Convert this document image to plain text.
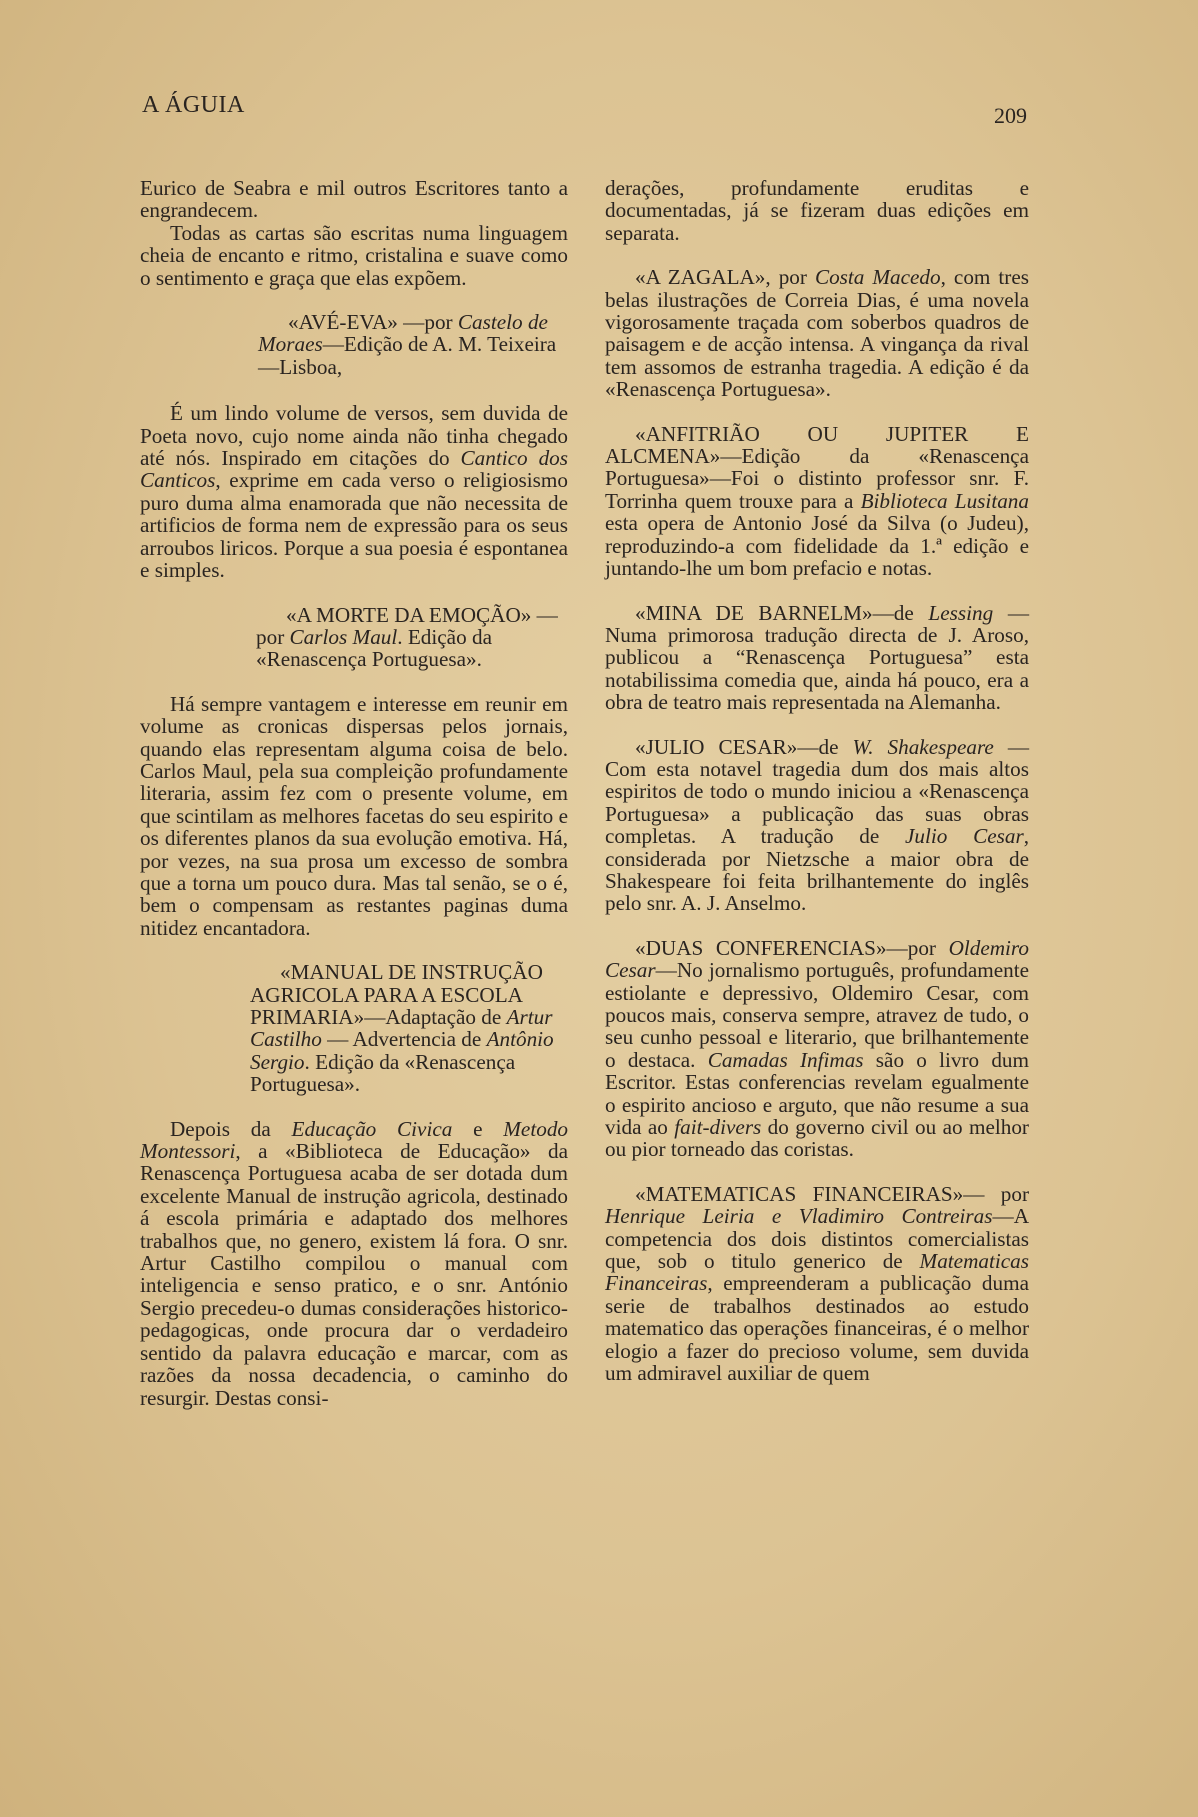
A ÁGUIA	209

Eurico de Seabra e mil outros Escritores tanto a engrandecem.

Todas as cartas são escritas numa linguagem cheia de encanto e ritmo, cristalina e suave como o sentimento e graça que elas expõem.

«AVÉ-EVA» —por Castelo de Moraes—Edição de A. M. Teixeira—Lisboa,

É um lindo volume de versos, sem duvida de Poeta novo, cujo nome ainda não tinha chegado até nós. Inspirado em citações do Cantico dos Canticos, exprime em cada verso o religiosismo puro duma alma enamorada que não necessita de artificios de forma nem de expressão para os seus arroubos liricos. Porque a sua poesia é espontanea e simples.

«A MORTE DA EMOÇÃO» —por Carlos Maul. Edição da «Renascença Portuguesa».

Há sempre vantagem e interesse em reunir em volume as cronicas dispersas pelos jornais, quando elas representam alguma coisa de belo. Carlos Maul, pela sua compleição profundamente literaria, assim fez com o presente volume, em que scintilam as melhores facetas do seu espirito e os diferentes planos da sua evolução emotiva. Há, por vezes, na sua prosa um excesso de sombra que a torna um pouco dura. Mas tal senão, se o é, bem o compensam as restantes paginas duma nitidez encantadora.

«MANUAL DE INSTRUÇÃO AGRICOLA PARA A ESCOLA PRIMARIA»—Adaptação de Artur Castilho — Advertencia de Antônio Sergio. Edição da «Renascença Portuguesa».

Depois da Educação Civica e Metodo Montessori, a «Biblioteca de Educação» da Renascença Portuguesa acaba de ser dotada dum excelente Manual de instrução agricola, destinado á escola primária e adaptado dos melhores trabalhos que, no genero, existem lá fora. O snr. Artur Castilho compilou o manual com inteligencia e senso pratico, e o snr. António Sergio precedeu-o dumas considerações historico-pedagogicas, onde procura dar o verdadeiro sentido da palavra educação e marcar, com as razões da nossa decadencia, o caminho do resurgir. Destas consi-

derações, profundamente eruditas e documentadas, já se fizeram duas edições em separata.

«A ZAGALA», por Costa Macedo, com tres belas ilustrações de Correia Dias, é uma novela vigorosamente traçada com soberbos quadros de paisagem e de acção intensa. A vingança da rival tem assomos de estranha tragedia. A edição é da «Renascença Portuguesa».

«ANFITRIÃO OU JUPITER E ALCMENA»—Edição da «Renascença Portuguesa»—Foi o distinto professor snr. F. Torrinha quem trouxe para a Biblioteca Lusitana esta opera de Antonio José da Silva (o Judeu), reproduzindo-a com fidelidade da 1.ª edição e juntando-lhe um bom prefacio e notas.

«MINA DE BARNELM»—de Lessing —Numa primorosa tradução directa de J. Aroso, publicou a “Renascença Portuguesa” esta notabilissima comedia que, ainda há pouco, era a obra de teatro mais representada na Alemanha.

«JULIO CESAR»—de W. Shakespeare —Com esta notavel tragedia dum dos mais altos espiritos de todo o mundo iniciou a «Renascença Portuguesa» a publicação das suas obras completas. A tradução de Julio Cesar, considerada por Nietzsche a maior obra de Shakespeare foi feita brilhantemente do inglês pelo snr. A. J. Anselmo.

«DUAS CONFERENCIAS»—por Oldemiro Cesar—No jornalismo português, profundamente estiolante e depressivo, Oldemiro Cesar, com poucos mais, conserva sempre, atravez de tudo, o seu cunho pessoal e literario, que brilhantemente o destaca. Camadas Infimas são o livro dum Escritor. Estas conferencias revelam egualmente o espirito ancioso e arguto, que não resume a sua vida ao fait-divers do governo civil ou ao melhor ou pior torneado das coristas.

«MATEMATICAS FINANCEIRAS»— por Henrique Leiria e Vladimiro Contreiras—A competencia dos dois distintos comercialistas que, sob o titulo generico de Matematicas Financeiras, empreenderam a publicação duma serie de trabalhos destinados ao estudo matematico das operações financeiras, é o melhor elogio a fazer do precioso volume, sem duvida um admiravel auxiliar de quem
